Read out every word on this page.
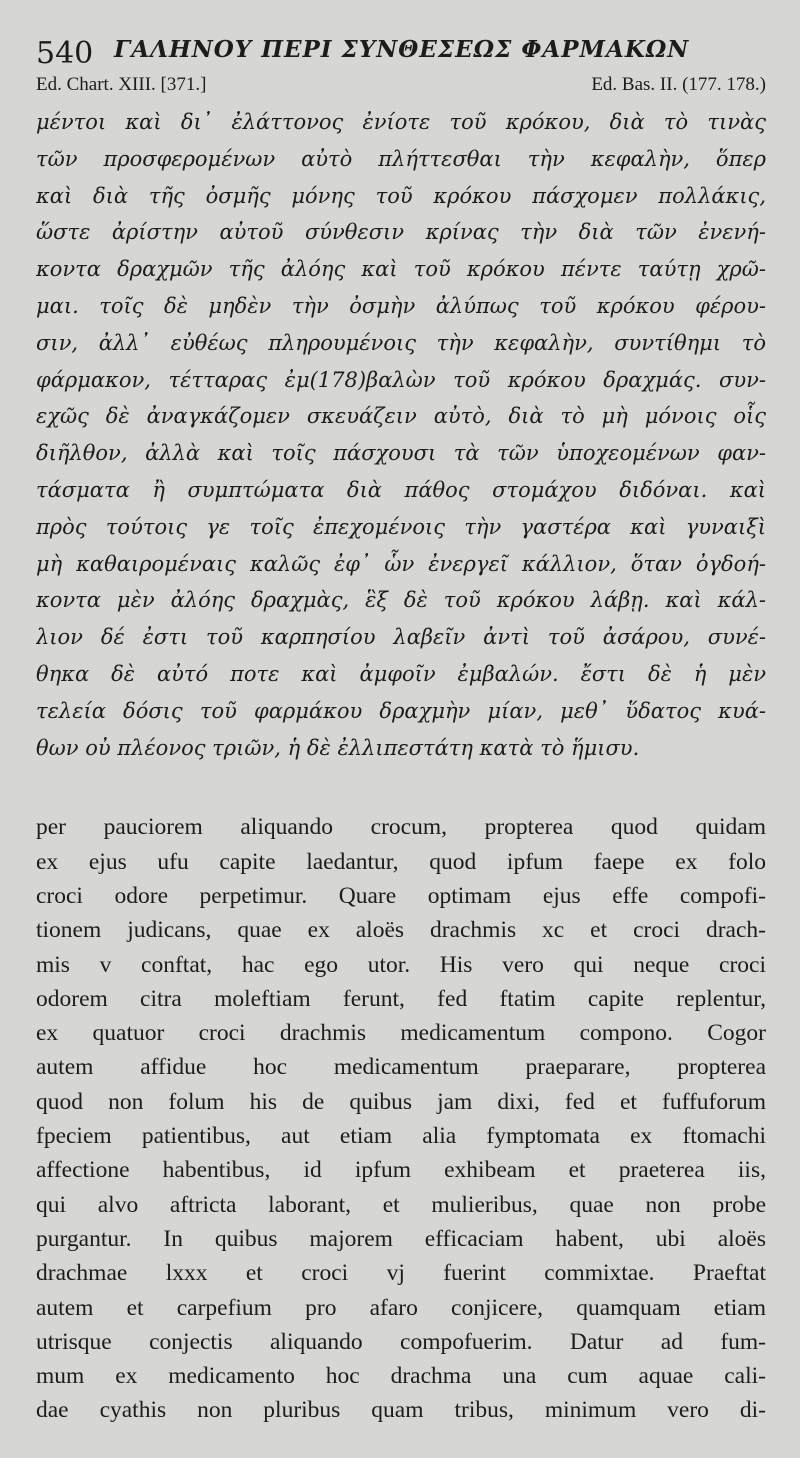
540 ΓΑΛΗΝΟΥ ΠΕΡΙ ΣΥΝΘΕΣΕΩΣ ΦΑΡΜΑΚΩΝ
Ed. Chart. XIII. [371.]	Ed. Bas. II. (177. 178.)
μέντοι καὶ δι᾽ ἐλάττονος ἐνίοτε τοῦ κρόκου, διὰ τὸ τινὰς
τῶν προσφερομένων αὐτὸ πλήττεσθαι τὴν κεφαλὴν, ὅπερ
καὶ διὰ τῆς ὀσμῆς μόνης τοῦ κρόκου πάσχομεν πολλάκις,
ὥστε ἀρίστην αὐτοῦ σύνθεσιν κρίνας τὴν διὰ τῶν ἐνενή-
κοντα δραχμῶν τῆς ἀλόης καὶ τοῦ κρόκου πέντε ταύτῃ χρῶ-
μαι. τοῖς δὲ μηδὲν τὴν ὀσμὴν ἀλύπως τοῦ κρόκου φέρου-
σιν, ἀλλ᾽ εὐθέως πληρουμένοις τὴν κεφαλὴν, συντίθημι τὸ
φάρμακον, τέτταρας ἐμ(178)βαλὼν τοῦ κρόκου δραχμάς. συν-
εχῶς δὲ ἀναγκάζομεν σκευάζειν αὐτὸ, διὰ τὸ μὴ μόνοις οἷς
διῆλθον, ἀλλὰ καὶ τοῖς πάσχουσι τὰ τῶν ὑποχεομένων φαν-
τάσματα ἢ συμπτώματα διὰ πάθος στομάχου διδόναι. καὶ
πρὸς τούτοις γε τοῖς ἐπεχομένοις τὴν γαστέρα καὶ γυναιξὶ
μὴ καθαιρομέναις καλῶς ἐφ᾽ ὧν ἐνεργεῖ κάλλιον, ὅταν ὀγδοή-
κοντα μὲν ἀλόης δραχμὰς, ἓξ δὲ τοῦ κρόκου λάβῃ. καὶ κάλ-
λιον δέ ἐστι τοῦ καρπησίου λαβεῖν ἀντὶ τοῦ ἀσάρου, συνέ-
θηκα δὲ αὐτό ποτε καὶ ἀμφοῖν ἐμβαλών. ἔστι δὲ ἡ μὲν
τελεία δόσις τοῦ φαρμάκου δραχμὴν μίαν, μεθ᾽ ὕδατος κυά-
θων οὐ πλέονος τριῶν, ἡ δὲ ἐλλιπεστάτη κατὰ τὸ ἥμισυ.
per pauciorem aliquando crocum, propterea quod quidam
ex ejus ufu capite laedantur, quod ipfum faepe ex folo
croci odore perpetimur. Quare optimam ejus effe compofi-
tionem judicans, quae ex aloës drachmis xc et croci drach-
mis v conftat, hac ego utor. His vero qui neque croci
odorem citra moleftiam ferunt, fed ftatim capite replentur,
ex quatuor croci drachmis medicamentum compono. Cogor
autem affidue hoc medicamentum praeparare, propterea
quod non folum his de quibus jam dixi, fed et fuffuforum
fpeciem patientibus, aut etiam alia fymptomata ex ftomachi
affectione habentibus, id ipfum exhibeam et praeterea iis,
qui alvo aftricta laborant, et mulieribus, quae non probe
purgantur. In quibus majorem efficaciam habent, ubi aloës
drachmae lxxx et croci vj fuerint commixtae. Praeftat
autem et carpefium pro afaro conjicere, quamquam etiam
utrisque conjectis aliquando compofuerim. Datur ad fum-
mum ex medicamento hoc drachma una cum aquae cali-
dae cyathis non pluribus quam tribus, minimum vero di-
